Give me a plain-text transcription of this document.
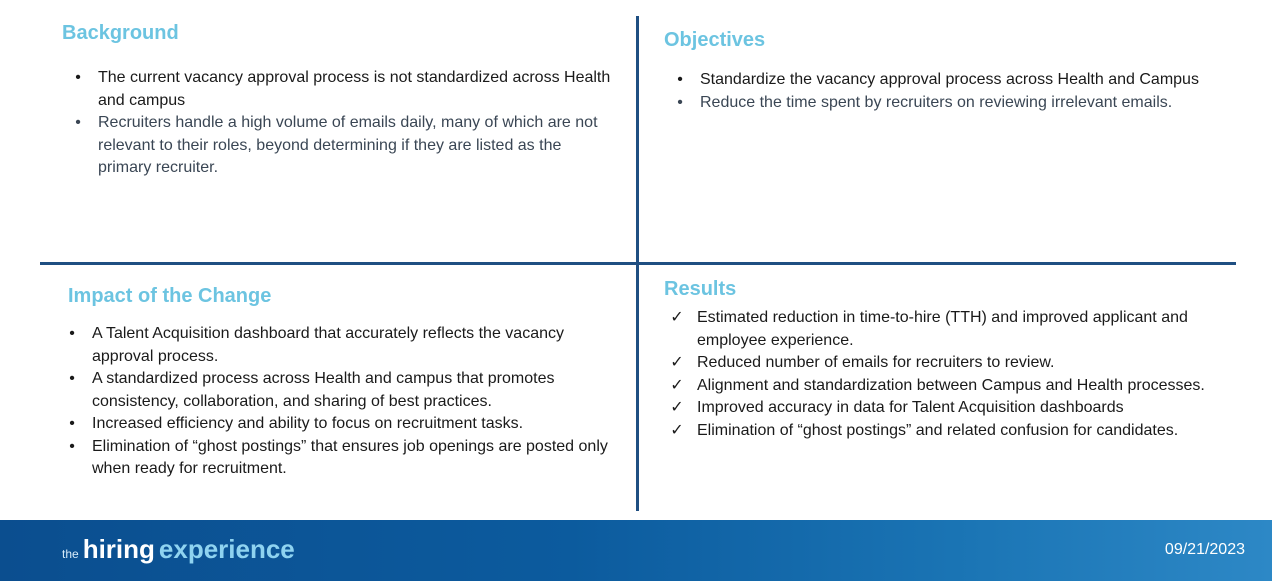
Background
•	The current vacancy approval process is not standardized across Health and campus
•	Recruiters handle a high volume of emails daily, many of which are not relevant to their roles, beyond determining if they are listed as the primary recruiter.
Objectives
•	Standardize the vacancy approval process across Health and Campus
•	Reduce the time spent by recruiters on reviewing irrelevant emails.
Impact of the Change
•	A Talent Acquisition dashboard that accurately reflects the vacancy approval process.
•	A standardized process across Health and campus that promotes consistency, collaboration, and sharing of best practices.
•	Increased efficiency and ability to focus on recruitment tasks.
•	Elimination of “ghost postings” that ensures job openings are posted only when ready for recruitment.
Results
✓ Estimated reduction in time-to-hire (TTH) and improved applicant and employee experience.
✓ Reduced number of emails for recruiters to review.
✓ Alignment and standardization between Campus and Health processes.
✓ Improved accuracy in data for Talent Acquisition dashboards
✓ Elimination of “ghost postings” and related confusion for candidates.
the hiring experience	09/21/2023
